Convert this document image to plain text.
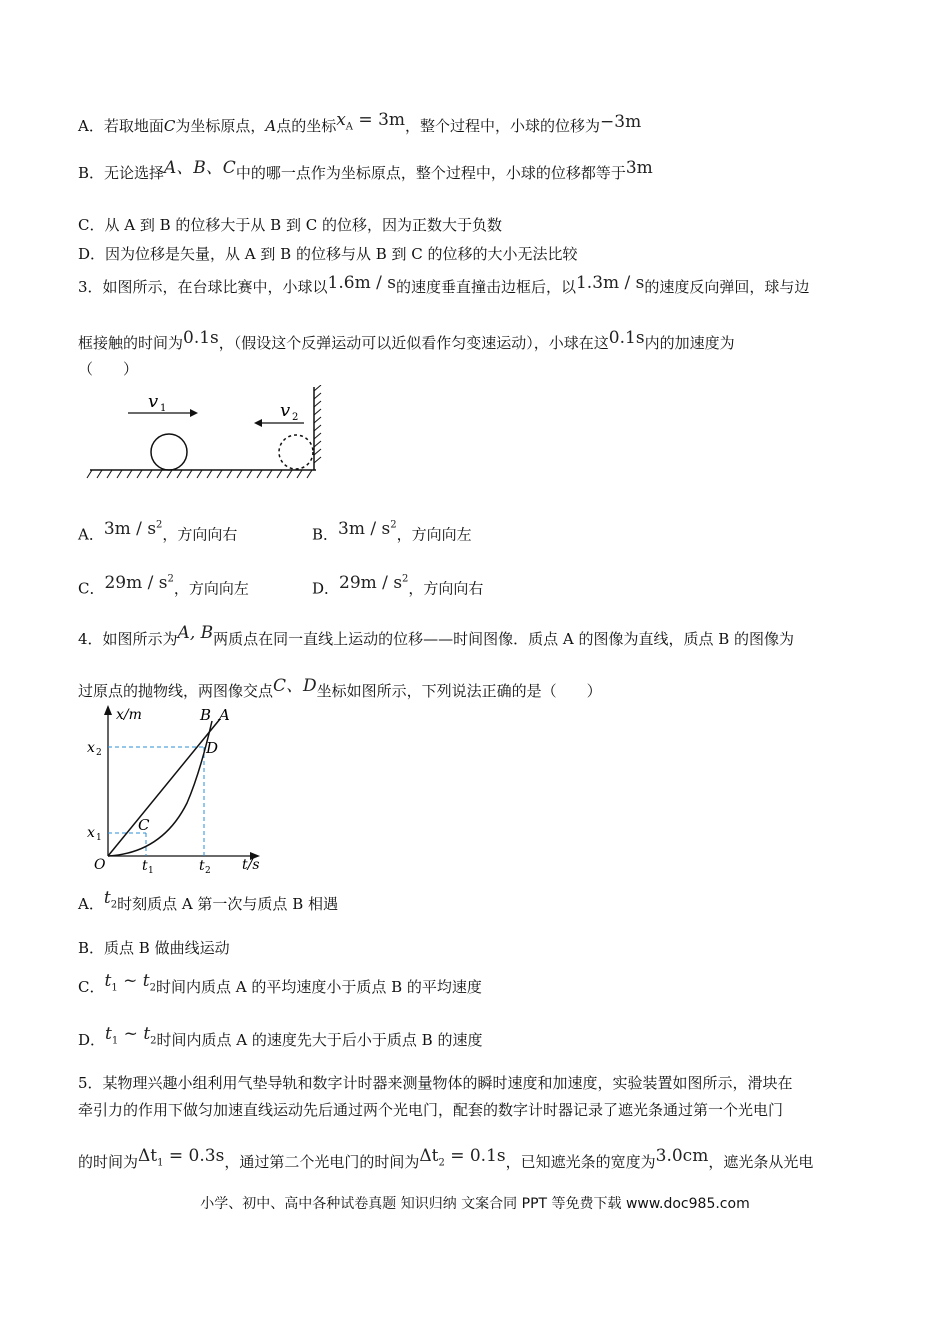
A．若取地面C为坐标原点，A点的坐标$x_A = 3m$，整个过程中，小球的位移为−3m
B．无论选择A、B、C中的哪一点作为坐标原点，整个过程中，小球的位移都等于3m
C．从 A 到 B 的位移大于从 B 到 C 的位移，因为正数大于负数
D．因为位移是矢量，从 A 到 B 的位移与从 B 到 C 的位移的大小无法比较
3．如图所示，在台球比赛中，小球以1.6m / s的速度垂直撞击边框后，以1.3m / s的速度反向弹回，球与边
框接触的时间为0.1s，（假设这个反弹运动可以近似看作匀变速运动），小球在这0.1s内的加速度为
（　　）
v 1	v 2
A．$3m / s^2$，方向向右	B．$3m / s^2$，方向向左
C．$29m / s^2$，方向向左	D．$29m / s^2$，方向向右
4．如图所示为A, B两质点在同一直线上运动的位移——时间图像．质点 A 的图像为直线，质点 B 的图像为
过原点的抛物线，两图像交点C、D坐标如图所示，下列说法正确的是（　　）
x/m
t/s
O
x 2
x 1
t 1	t 2
C
D
B A
A．$t_2$时刻质点 A 第一次与质点 B 相遇
B．质点 B 做曲线运动
C．$t_1$ ~ $t_2$时间内质点 A 的平均速度小于质点 B 的平均速度
D．$t_1$ ~ $t_2$时间内质点 A 的速度先大于后小于质点 B 的速度
5．某物理兴趣小组利用气垫导轨和数字计时器来测量物体的瞬时速度和加速度，实验装置如图所示，滑块在
牵引力的作用下做匀加速直线运动先后通过两个光电门，配套的数字计时器记录了遮光条通过第一个光电门
的时间为$\Delta t_1 = 0.3s$，通过第二个光电门的时间为$\Delta t_2 = 0.1s$，已知遮光条的宽度为3.0cm，遮光条从光电
小学、初中、高中各种试卷真题 知识归纳 文案合同 PPT 等免费下载 www.doc985.com
